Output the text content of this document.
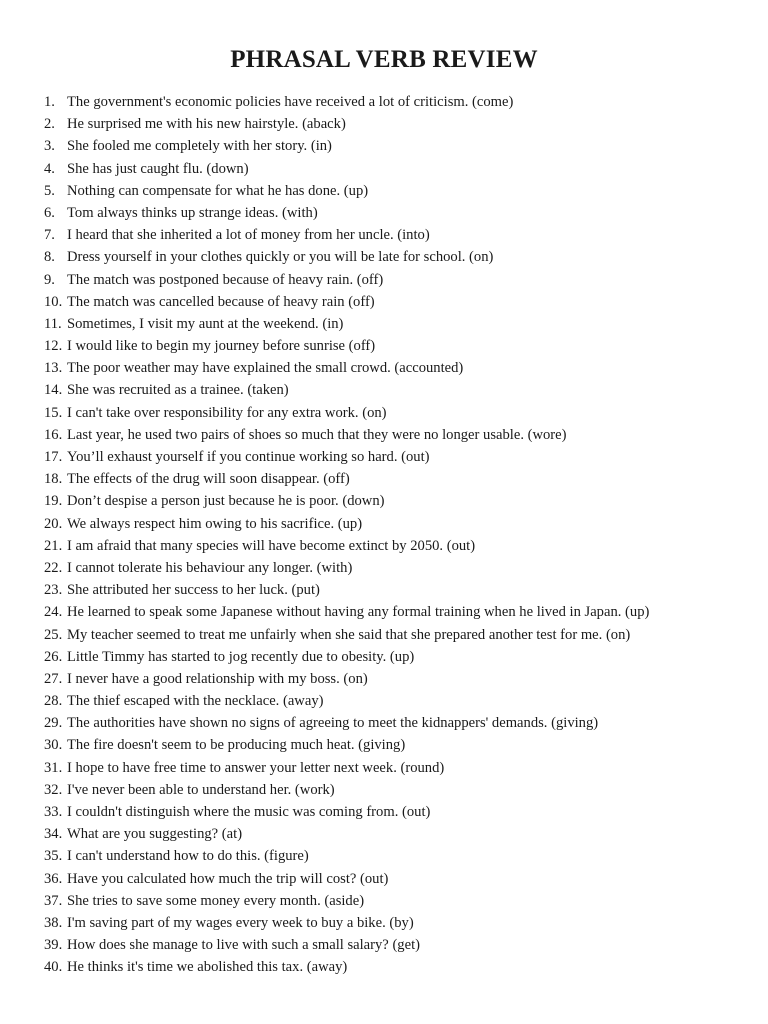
PHRASAL VERB REVIEW
1. The government's economic policies have received a lot of criticism. (come)
2. He surprised me with his new hairstyle. (aback)
3. She fooled me completely with her story. (in)
4. She has just caught flu. (down)
5. Nothing can compensate for what he has done. (up)
6. Tom always thinks up strange ideas. (with)
7. I heard that she inherited a lot of money from her uncle. (into)
8. Dress yourself in your clothes quickly or you will be late for school. (on)
9. The match was postponed because of heavy rain. (off)
10. The match was cancelled because of heavy rain (off)
11. Sometimes, I visit my aunt at the weekend. (in)
12. I would like to begin my journey before sunrise (off)
13. The poor weather may have explained the small crowd. (accounted)
14. She was recruited as a trainee. (taken)
15. I can't take over responsibility for any extra work. (on)
16. Last year, he used two pairs of shoes so much that they were no longer usable. (wore)
17. You’ll exhaust yourself if you continue working so hard. (out)
18. The effects of the drug will soon disappear. (off)
19. Don’t despise a person just because he is poor. (down)
20. We always respect him owing to his sacrifice. (up)
21. I am afraid that many species will have become extinct by 2050. (out)
22. I cannot tolerate his behaviour any longer. (with)
23. She attributed her success to her luck. (put)
24. He learned to speak some Japanese without having any formal training when he lived in Japan. (up)
25. My teacher seemed to treat me unfairly when she said that she prepared another test for me. (on)
26. Little Timmy has started to jog recently due to obesity. (up)
27. I never have a good relationship with my boss. (on)
28. The thief escaped with the necklace. (away)
29. The authorities have shown no signs of agreeing to meet the kidnappers' demands. (giving)
30. The fire doesn't seem to be producing much heat. (giving)
31. I hope to have free time to answer your letter next week. (round)
32. I've never been able to understand her. (work)
33. I couldn't distinguish where the music was coming from. (out)
34. What are you suggesting? (at)
35. I can't understand how to do this. (figure)
36. Have you calculated how much the trip will cost? (out)
37. She tries to save some money every month. (aside)
38. I'm saving part of my wages every week to buy a bike. (by)
39. How does she manage to live with such a small salary? (get)
40. He thinks it's time we abolished this tax. (away)
